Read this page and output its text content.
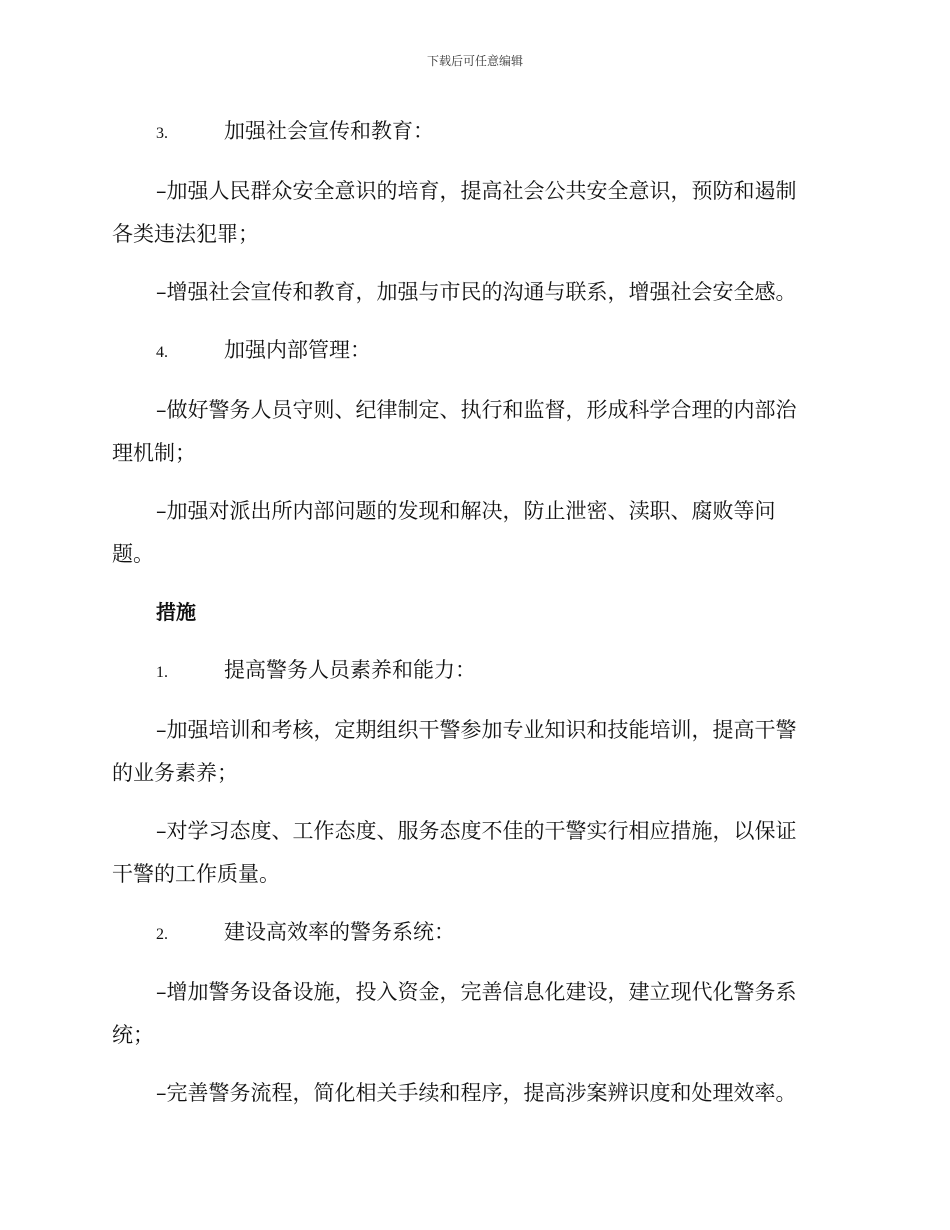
下载后可任意编辑
3.	加强社会宣传和教育：
–加强人民群众安全意识的培育，提高社会公共安全意识，预防和遏制
各类违法犯罪；
–增强社会宣传和教育，加强与市民的沟通与联系，增强社会安全感。
4.	加强内部管理：
–做好警务人员守则、纪律制定、执行和监督，形成科学合理的内部治
理机制；
–加强对派出所内部问题的发现和解决，防止泄密、渎职、腐败等问
题。
措施
1.	提高警务人员素养和能力：
–加强培训和考核，定期组织干警参加专业知识和技能培训，提高干警
的业务素养；
–对学习态度、工作态度、服务态度不佳的干警实行相应措施，以保证
干警的工作质量。
2.	建设高效率的警务系统：
–增加警务设备设施，投入资金，完善信息化建设，建立现代化警务系
统；
–完善警务流程，简化相关手续和程序，提高涉案辨识度和处理效率。
